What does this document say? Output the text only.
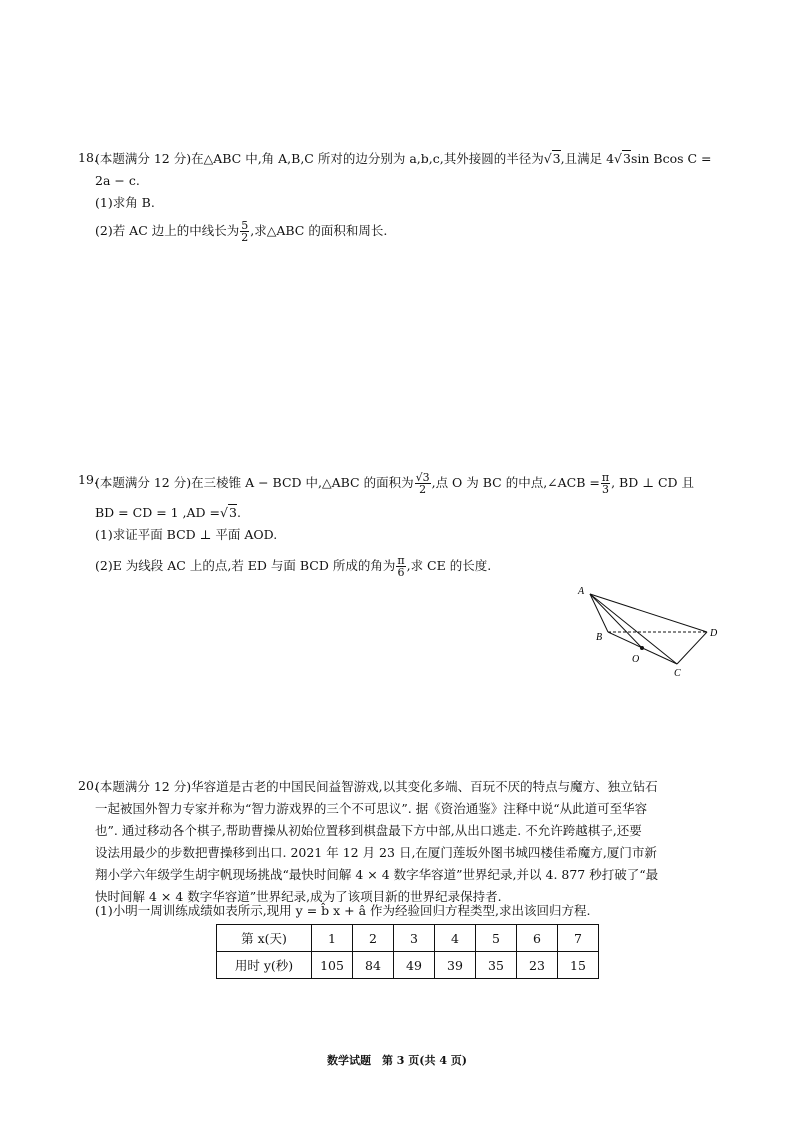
18.
(本题满分 12 分)在△ABC 中,角 A,B,C 所对的边分别为 a,b,c,其外接圆的半径为√3,且满足 4√3sin Bcos C =
2a − c.
(1)求角 B.
(2)若 AC 边上的中线长为 $\frac{5}{2}$ ,求△ABC 的面积和周长.
19.
(本题满分 12 分)在三棱锥 A − BCD 中,△ABC 的面积为 $\frac{√3}{2}$ ,点 O 为 BC 的中点,∠ACB = $\frac{\pi}{3}$ , BD ⊥ CD 且
BD = CD = 1 ,AD =√3.
(1)求证平面 BCD ⊥ 平面 AOD.
(2)E 为线段 AC 上的点,若 ED 与面 BCD 所成的角为 $\frac{\pi}{6}$ ,求 CE 的长度.
A
B
C
D
O
20.
(本题满分 12 分)华容道是古老的中国民间益智游戏,以其变化多端、百玩不厌的特点与魔方、独立钻石
一起被国外智力专家并称为“智力游戏界的三个不可思议”. 据《资治通鉴》注释中说“从此道可至华容
也”. 通过移动各个棋子,帮助曹操从初始位置移到棋盘最下方中部,从出口逃走. 不允许跨越棋子,还要
设法用最少的步数把曹操移到出口. 2021 年 12 月 23 日,在厦门莲坂外图书城四楼佳希魔方,厦门市新
翔小学六年级学生胡宇帆现场挑战“最快时间解 4 × 4 数字华容道”世界纪录,并以 4. 877 秒打破了“最
快时间解 4 × 4 数字华容道”世界纪录,成为了该项目新的世界纪录保持者.
(1)小明一周训练成绩如表所示,现用 y = b̂ x + â 作为经验回归方程类型,求出该回归方程.
第 x(天)	1	2	3	4	5	6	7
用时 y(秒)	105	84	49	39	35	23	15
数学试题　第 3 页(共 4 页)
